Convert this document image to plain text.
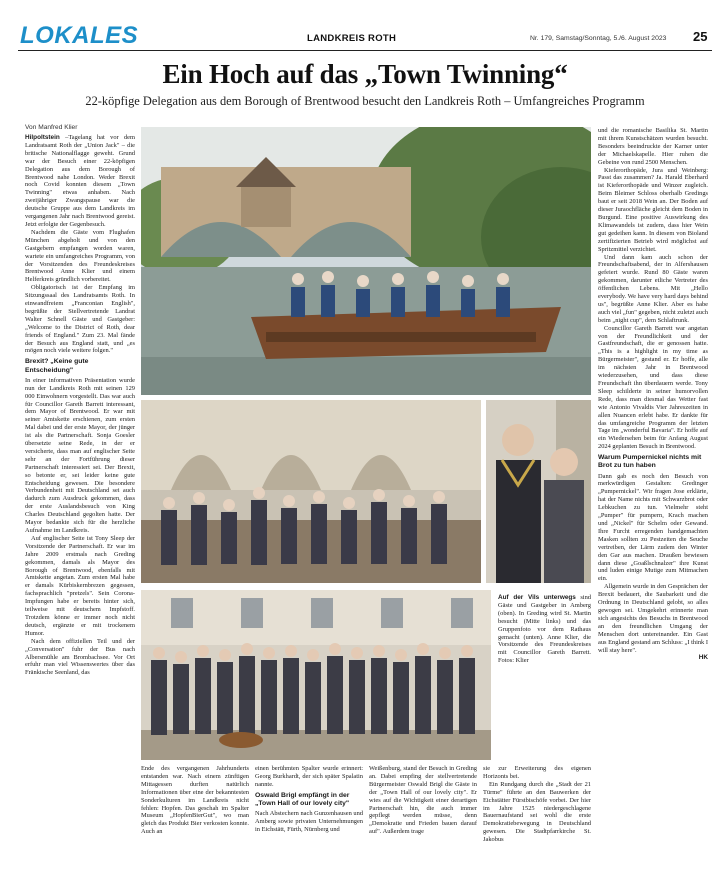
LOKALES	LANDKREIS ROTH	Nr. 179, Samstag/Sonntag, 5./6. August 2023 25
Ein Hoch auf das „Town Twinning“
22-köpfige Delegation aus dem Borough of Brentwood besucht den Landkreis Roth – Umfangreiches Programm
Von Manfred Klier

Hilpoltstein –Tagelang hat vor dem Landratsamt Roth der „Union Jack" – die britische Nationalflagge geweht. Grund war der Besuch einer 22-köpfigen Delegation aus dem Borough of Brentwood nahe London. Weder Brexit noch Covid konnten diesem „Town Twinning" etwas anhaben. Nach zweijähriger Zwangspause war die deutsche Gruppe aus dem Landkreis im vergangenen Jahr nach Brentwood gereist. Jetzt erfolgte der Gegenbesuch.

Nachdem die Gäste vom Flughafen München abgeholt und von den Gastgebern empfangen worden waren, wartete ein umfangreiches Programm, von der Vorsitzenden des Freundeskreises Brentwood Anne Klier und einem Helferkreis gründlich vorbereitet.

Obligatorisch ist der Empfang im Sitzungssaal des Landratsamts Roth. In einwandfreiem „Franconian English", begrüßte der Stellvertretende Landrat Walter Schnell Gäste und Gastgeber: „Welcome to the District of Roth, dear friends of England." Zum 23. Mal fände der Besuch aus England statt, und „es mögen noch viele weitere folgen."

Brexit? „Keine gute Entscheidung"

In einer informativen Präsentation wurde nun der Landkreis Roth mit seinen 129 000 Einwohnern vorgestellt. Das war auch für Councillor Gareth Barrett interessant, dem Mayor of Brentwood. Er war mit seiner Amtskette erschienen, zum ersten Mal dabei und der erste Mayor, der jünger ist als die Partnerschaft. Sonja Goesler übersetzte seine Rede, in der er versicherte, dass man auf englischer Seite sehr an der Fortführung dieser Partnerschaft interessiert sei. Der Brexit, so betonte er, sei leider keine gute Entscheidung gewesen. Die besondere Verbundenheit mit Deutschland sei auch dadurch zum Ausdruck gekommen, dass der erste Auslandsbesuch von King Charles Deutschland gegolten hatte. Der Mayor bedankte sich für die herzliche Aufnahme im Landkreis.

Auf englischer Seite ist Tony Sleep der Vorsitzende der Partnerschaft. Er war im Jahre 2009 erstmals nach Greding gekommen, damals als Mayor des Borough of Brentwood, ebenfalls mit Amtskette angetan. Zum ersten Mal habe er damals Kürbiskernbrezen gegessen, fachsprachlich "pretzels". Sein Corona-Impfungen habe er bereits hinter sich, teilweise mit deutschem Impfstoff. Trotzdem könne er immer noch nicht deutsch, ergänzte er mit trockenem Humor.

Nach dem offiziellen Teil und der „Conversation" fuhr der Bus nach Albersmühle am Brombachsee. Vor Ort erfuhr man viel Wissenswertes über das Fränkische Seenland, das

Auf der Vils unterwegs sind Gäste und Gastgeber in Amberg (oben). In Greding wird St. Martin besucht (Mitte links) und das Gruppenfoto vor dem Rathaus gemacht (unten). Anne Klier, die Vorsitzende des Freundeskreises mit Councillor Gareth Barrett. Fotos: Klier

Ende des vergangenen Jahrhunderts entstanden war. Nach einem zünftigen Mittagessen durften natürlich Informationen über eine der bekanntesten Sonderkulturen im Landkreis nicht fehlen: Hopfen. Das geschah im Spalter Museum „HopfenBierGut", wo man gleich das Produkt Bier verkosten konnte. Auch an

einen berühmten Spalter wurde erinnert: Georg Burkhardt, der sich später Spalatin nannte.

Oswald Brigl empfängt in der „Town Hall of our lovely city"

Nach Abstechern nach Gunzenhausen und Amberg sowie privaten Unternehmungen in Eichstätt, Fürth, Nürnberg und

Weißenburg, stand der Besuch in Greding an. Dabei empfing der stellvertretende Bürgermeister Oswald Brigl die Gäste in der „Town Hall of our lovely city". Er wies auf die Wichtigkeit einer derartigen Partnerschaft hin, die auch immer gepflegt werden müsse, denn „Demokratie und Frieden bauen darauf auf". Außerdem trage

sie zur Erweiterung des eigenen Horizonts bei.

Ein Rundgang durch die „Stadt der 21 Türme" führte an den Bauwerken der Eichstätter Fürstbischöfe vorbei. Der hier im Jahre 1525 niedergeschlagene Bauernaufstand sei wohl die erste Demokratiebewegung in Deutschland gewesen. Die Stadtpfarrkirche St. Jakobus

und die romanische Basilika St. Martin mit ihrem Kunstschätzen wurden besucht. Besonders beeindruckte der Karner unter der Michaelskapelle. Hier ruhen die Gebeine von rund 2500 Menschen.

Kieferorthopäde, Jura und Weinberg: Passt das zusammen? Ja. Harald Eberhard ist Kieferorthopäde und Winzer zugleich. Beim Bleimer Schloss oberhalb Gredings baut er seit 2018 Wein an. Der Boden auf dieser Juraochfläche gleicht dem Boden in Burgund. Eine positive Auswirkung des Klimawandels ist zudem, dass hier Wein gut gedeihen kann. In diesem von Bioland zertifizierten Betrieb wird möglichst auf Spritzmittel verzichtet.

Und dann kam auch schon der Freundschaftsabend, der in Alfershausen gefeiert wurde. Rund 80 Gäste waren gekommen, darunter etliche Vertreter des öffentlichen Lebens. Mit „Hello everybody. We have very hard days behind us", begrüßte Anne Klier. Aber es habe auch viel „fun" gegeben, nicht zuletzt auch beim „night cup", dem Schlaftrunk.

Councillor Gareth Barrett war angetan von der Freundlichkeit und der Gastfreundschaft, die er genossen hatte. „This is a highlight in my time as Bürgermeister", gestand er. Er hoffe, alle im nächsten Jahr in Brentwood wiederzusehen, und dass diese Freundschaft ihn überdauern werde. Tony Sleep schilderte in seiner humorvollen Rede, dass man diesmal das Wetter fast wie Antonio Vivaldis Vier Jahreszeiten in allen Nuancen erlebt habe. Er dankte für das umfangreiche Programm der letzten Tage im „wonderful Bavaria". Er hoffe auf ein Wiedersehen beim für Anfang August 2024 geplanten Besuch in Brentwood.

Warum Pumpernickel nichts mit Brot zu tun haben

Dann gab es noch den Besuch von merkwürdigen Gestalten: Gredinger „Pumpernickel". Wir fragen Jose erklärte, hat der Name nichts mit Schwarzbrot oder Lebkuchen zu tun. Vielmehr steht „Pumper" für pumpern, Krach machen und „Nickel" für Schelm oder Gewand. Ihre Furcht erregenden handgemachten Masken sollten zu Pestzeiten die Seuche vertreiben, der Lärm zudem den Winter den Gar aus machen. Draußen bewiesen dann diese „Goaßlschnalzer" ihre Kunst und luden einige Mutige zum Mitmachen ein.

Allgemein wurde in den Gesprächen der Brexit bedauert, die Saubarkeit und die Ordnung in Deutschland gelobt, so alles gewogen sei. Umgekehrt erinnerte man sich angesichts des Besuchs in Brentwood an den freundlichen Umgang der Menschen dort untereinander. Ein Gast aus England gestand am Schluss: „I think I will stay here".

HK
